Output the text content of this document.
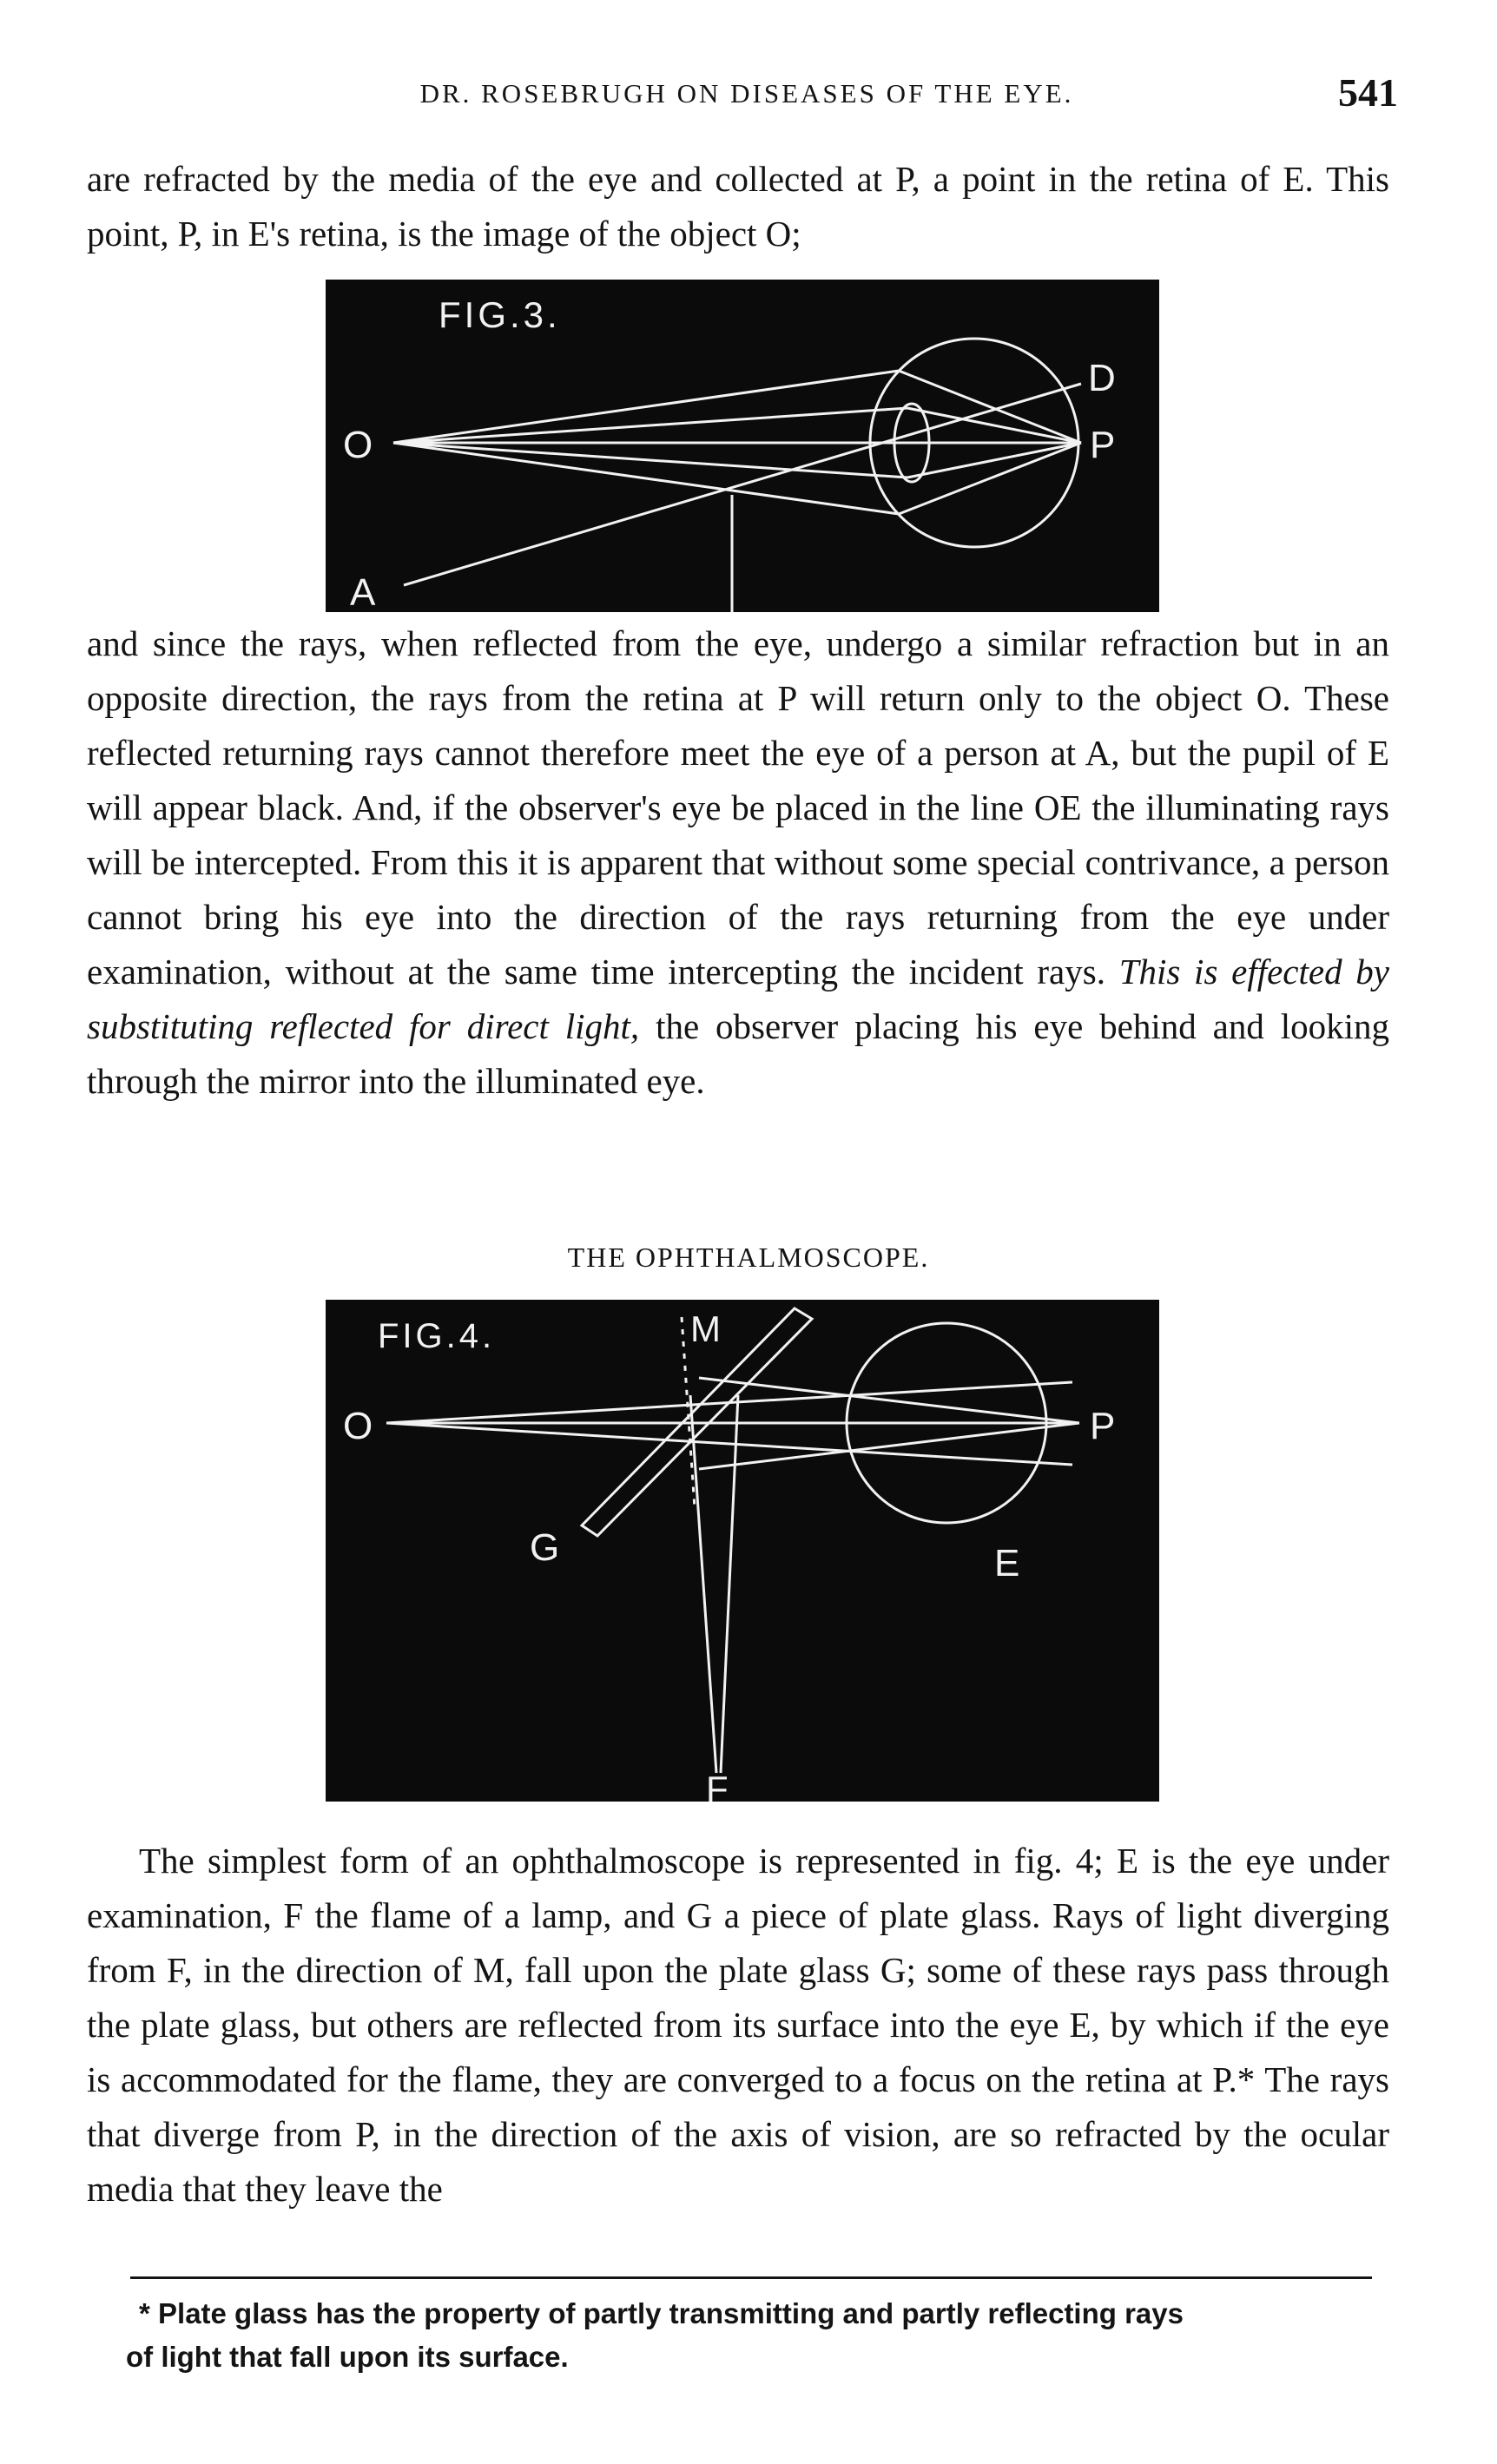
DR. ROSEBRUGH ON DISEASES OF THE EYE.	541

are refracted by the media of the eye and collected at P, a point in the retina of E. This point, P, in E's retina, is the image of the object O;

FIG.3.
O
A
D
P

and since the rays, when reflected from the eye, undergo a similar refraction but in an opposite direction, the rays from the retina at P will return only to the object O. These reflected returning rays cannot therefore meet the eye of a person at A, but the pupil of E will appear black. And, if the observer's eye be placed in the line OE the illuminating rays will be intercepted. From this it is apparent that without some special contrivance, a person cannot bring his eye into the direction of the rays returning from the eye under examination, without at the same time intercepting the incident rays. This is effected by substituting reflected for direct light, the observer placing his eye behind and looking through the mirror into the illuminated eye.

THE OPHTHALMOSCOPE.
FIG.4.
O
M
P
G	E
F

The simplest form of an ophthalmoscope is represented in fig. 4; E is the eye under examination, F the flame of a lamp, and G a piece of plate glass. Rays of light diverging from F, in the direction of M, fall upon the plate glass G; some of these rays pass through the plate glass, but others are reflected from its surface into the eye E, by which if the eye is accommodated for the flame, they are converged to a focus on the retina at P.* The rays that diverge from P, in the direction of the axis of vision, are so refracted by the ocular media that they leave the

* Plate glass has the property of partly transmitting and partly reflecting rays
of light that fall upon its surface.
